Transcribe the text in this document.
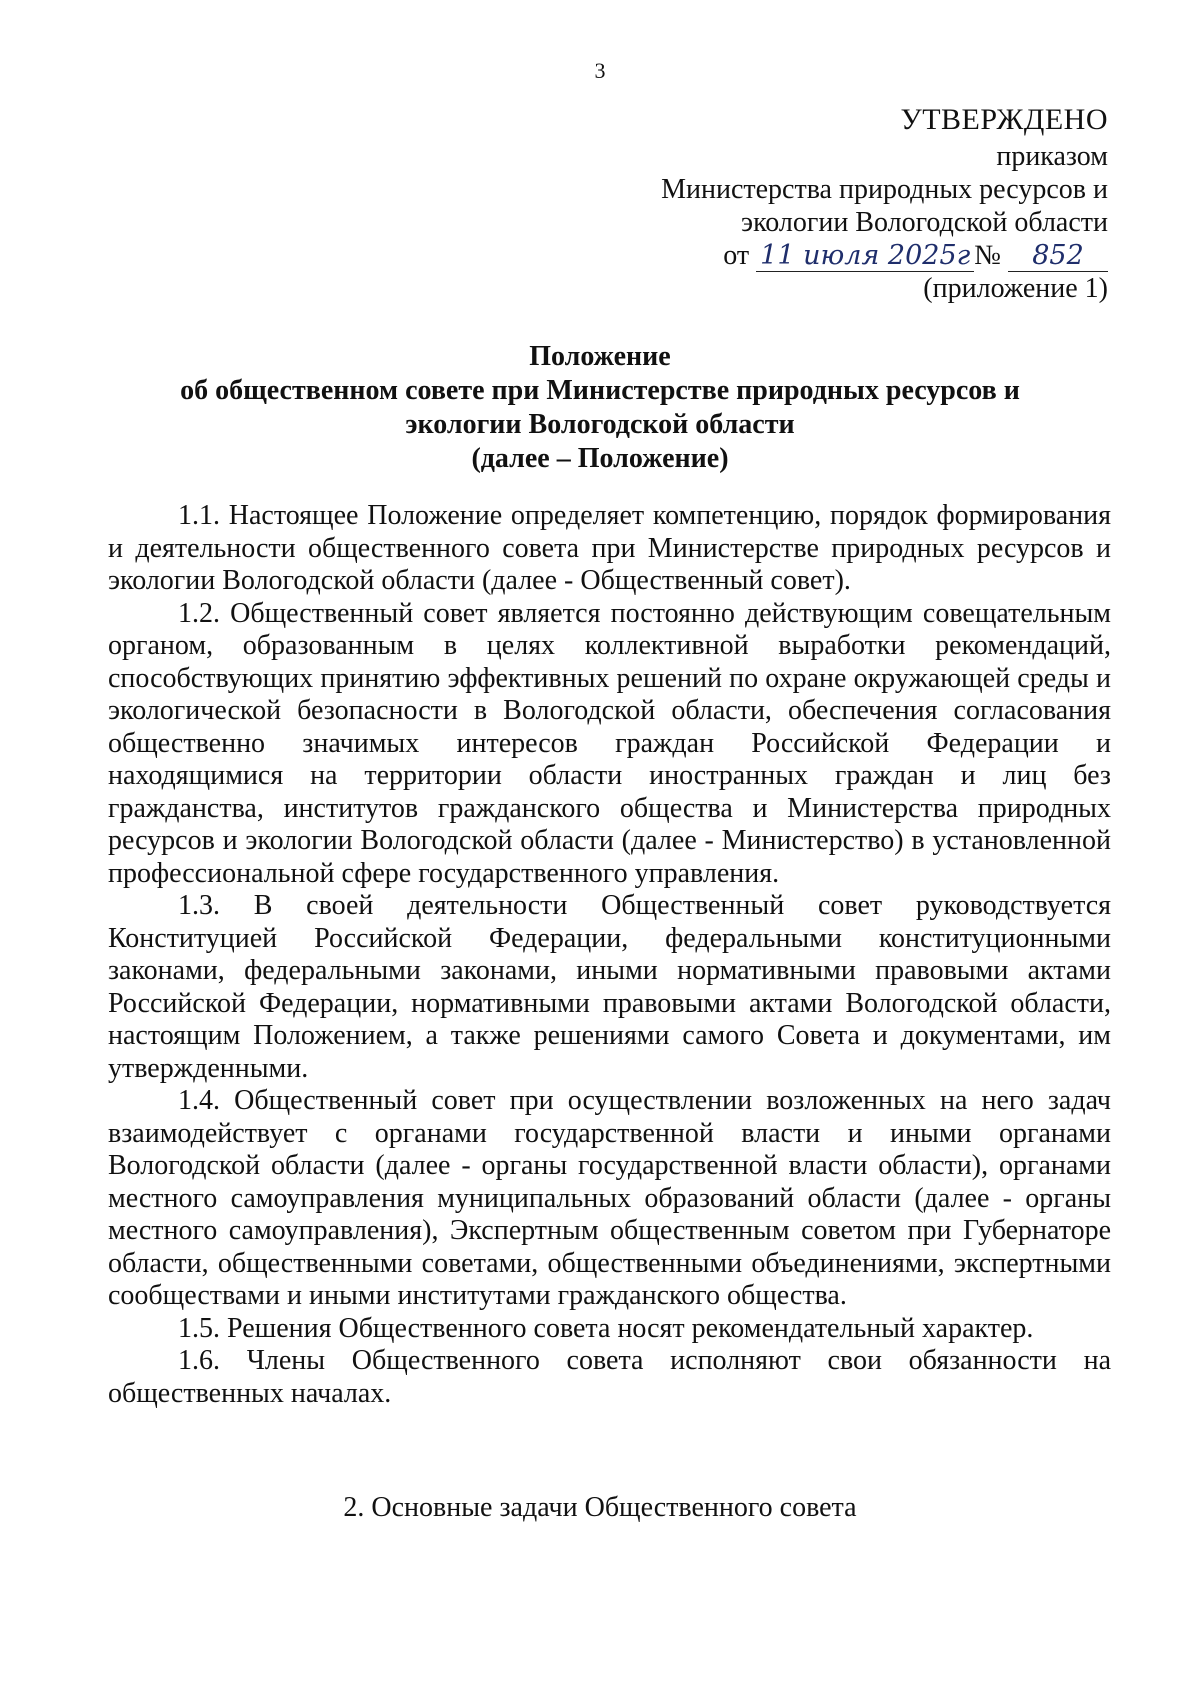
3
УТВЕРЖДЕНО
приказом
Министерства природных ресурсов и
экологии Вологодской области
от 11 июля 2025г № 852
(приложение 1)
Положение
об общественном совете при Министерстве природных ресурсов и
экологии Вологодской области
(далее – Положение)

1.1. Настоящее Положение определяет компетенцию, порядок формирования и деятельности общественного совета при Министерстве природных ресурсов и экологии Вологодской области (далее - Общественный совет).

1.2. Общественный совет является постоянно действующим совещательным органом, образованным в целях коллективной выработки рекомендаций, способствующих принятию эффективных решений по охране окружающей среды и экологической безопасности в Вологодской области, обеспечения согласования общественно значимых интересов граждан Российской Федерации и находящимися на территории области иностранных граждан и лиц без гражданства, институтов гражданского общества и Министерства природных ресурсов и экологии Вологодской области (далее - Министерство) в установленной профессиональной сфере государственного управления.

1.3. В своей деятельности Общественный совет руководствуется Конституцией Российской Федерации, федеральными конституционными законами, федеральными законами, иными нормативными правовыми актами Российской Федерации, нормативными правовыми актами Вологодской области, настоящим Положением, а также решениями самого Совета и документами, им утвержденными.

1.4. Общественный совет при осуществлении возложенных на него задач взаимодействует с органами государственной власти и иными органами Вологодской области (далее - органы государственной власти области), органами местного самоуправления муниципальных образований области (далее - органы местного самоуправления), Экспертным общественным советом при Губернаторе области, общественными советами, общественными объединениями, экспертными сообществами и иными институтами гражданского общества.

1.5. Решения Общественного совета носят рекомендательный характер.

1.6. Члены Общественного совета исполняют свои обязанности на общественных началах.

2. Основные задачи Общественного совета
